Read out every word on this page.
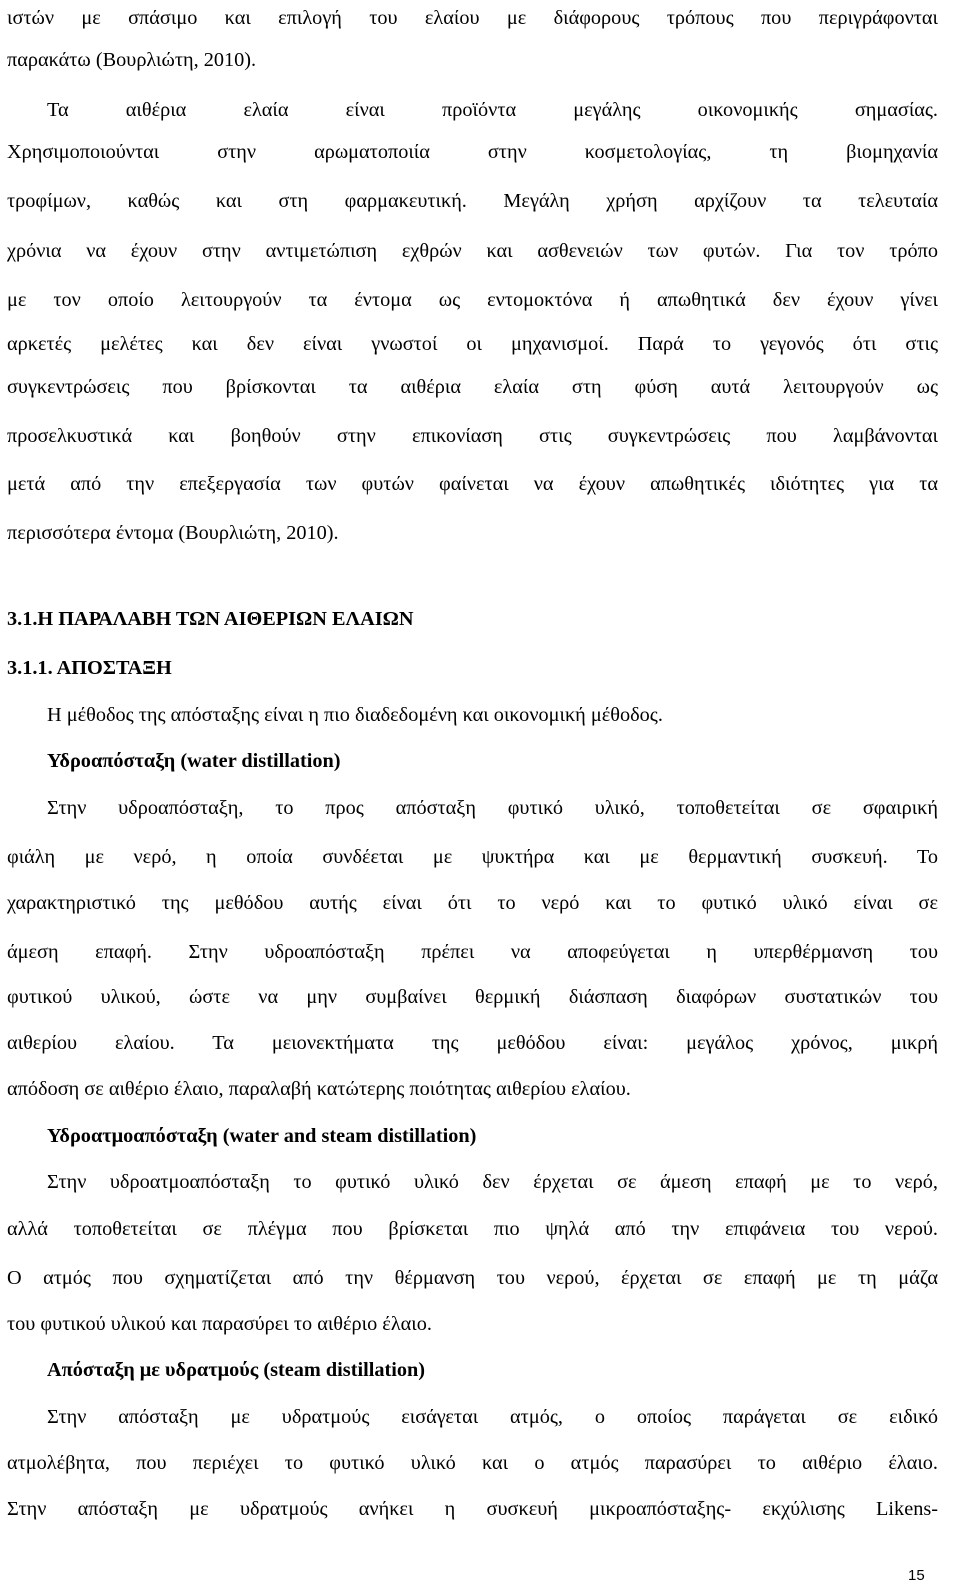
ιστών με σπάσιμο και επιλογή του ελαίου με διάφορους τρόπους που περιγράφονται
παρακάτω (Βουρλιώτη, 2010).
Τα αιθέρια ελαία είναι προϊόντα μεγάλης οικονομικής σημασίας.
Χρησιμοποιούνται στην αρωματοποιία στην κοσμετολογίας, τη βιομηχανία
τροφίμων, καθώς και στη φαρμακευτική. Μεγάλη χρήση αρχίζουν τα τελευταία
χρόνια να έχουν στην αντιμετώπιση εχθρών και ασθενειών των φυτών. Για τον τρόπο
με τον οποίο λειτουργούν τα έντομα ως εντομοκτόνα ή απωθητικά δεν έχουν γίνει
αρκετές μελέτες και δεν είναι γνωστοί οι μηχανισμοί. Παρά το γεγονός ότι στις
συγκεντρώσεις που βρίσκονται τα αιθέρια ελαία στη φύση αυτά λειτουργούν ως
προσελκυστικά και βοηθούν στην επικονίαση στις συγκεντρώσεις που λαμβάνονται
μετά από την επεξεργασία των φυτών φαίνεται να έχουν απωθητικές ιδιότητες για τα
περισσότερα έντομα (Βουρλιώτη, 2010).
3.1.Η ΠΑΡΑΛΑΒΗ ΤΩΝ ΑΙΘΕΡΙΩΝ ΕΛΑΙΩΝ
3.1.1. ΑΠΟΣΤΑΞΗ
Η μέθοδος της απόσταξης είναι η πιο διαδεδομένη και οικονομική μέθοδος.
Υδροαπόσταξη (water distillation)
Στην υδροαπόσταξη, το προς απόσταξη φυτικό υλικό, τοποθετείται σε σφαιρική
φιάλη με νερό, η οποία συνδέεται με ψυκτήρα και με θερμαντική συσκευή. Το
χαρακτηριστικό της μεθόδου αυτής είναι ότι το νερό και το φυτικό υλικό είναι σε
άμεση επαφή. Στην υδροαπόσταξη πρέπει να αποφεύγεται η υπερθέρμανση του
φυτικού υλικού, ώστε να μην συμβαίνει θερμική διάσπαση διαφόρων συστατικών του
αιθερίου ελαίου. Τα μειονεκτήματα της μεθόδου είναι: μεγάλος χρόνος, μικρή
απόδοση σε αιθέριο έλαιο, παραλαβή κατώτερης ποιότητας αιθερίου ελαίου.
Υδροατμοαπόσταξη (water and steam distillation)
Στην υδροατμοαπόσταξη το φυτικό υλικό δεν έρχεται σε άμεση επαφή με το νερό,
αλλά τοποθετείται σε πλέγμα που βρίσκεται πιο ψηλά από την επιφάνεια του νερού.
Ο ατμός που σχηματίζεται από την θέρμανση του νερού, έρχεται σε επαφή με τη μάζα
του φυτικού υλικού και παρασύρει το αιθέριο έλαιο.
Απόσταξη με υδρατμούς (steam distillation)
Στην απόσταξη με υδρατμούς εισάγεται ατμός, ο οποίος παράγεται σε ειδικό
ατμολέβητα, που περιέχει το φυτικό υλικό και ο ατμός παρασύρει το αιθέριο έλαιο.
Στην απόσταξη με υδρατμούς ανήκει η συσκευή μικροαπόσταξης- εκχύλισης Likens-
15
